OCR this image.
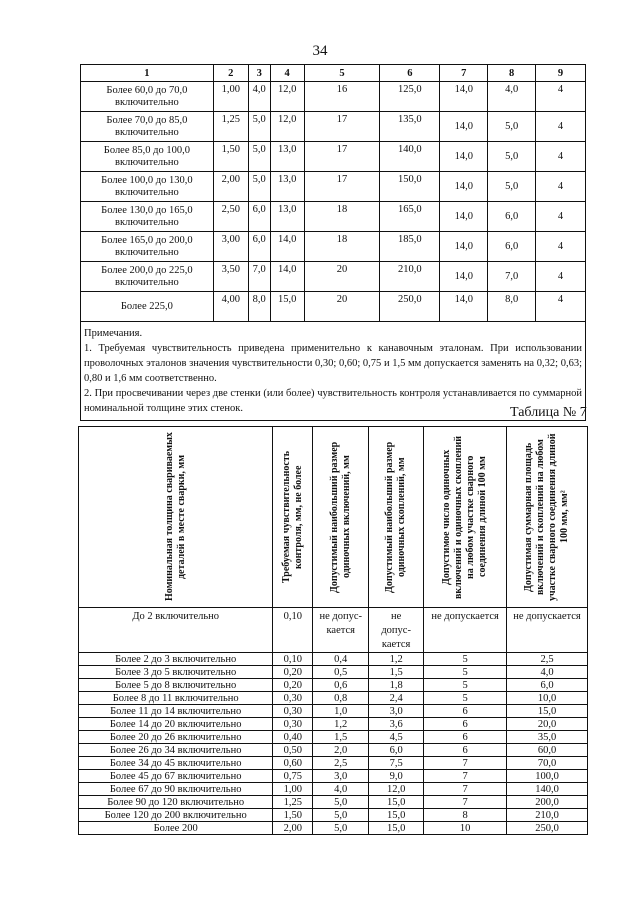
34
1	2	3	4	5	6	7	8	9
Более 60,0 до 70,0 включительно	1,00	4,0	12,0	16	125,0	14,0	4,0	4
Более 70,0 до 85,0 включительно	1,25	5,0	12,0	17	135,0	14,0	5,0	4
Более 85,0 до 100,0 включительно	1,50	5,0	13,0	17	140,0	14,0	5,0	4
Более 100,0 до 130,0 включительно	2,00	5,0	13,0	17	150,0	14,0	5,0	4
Более 130,0 до 165,0 включительно	2,50	6,0	13,0	18	165,0	14,0	6,0	4
Более 165,0 до 200,0 включительно	3,00	6,0	14,0	18	185,0	14,0	6,0	4
Более 200,0 до 225,0 включительно	3,50	7,0	14,0	20	210,0	14,0	7,0	4
Более 225,0	4,00	8,0	15,0	20	250,0	14,0	8,0	4

Примечания.
1. Требуемая чувствительность приведена применительно к канавочным эталонам. При использовании проволочных эталонов значения чувствительности 0,30; 0,60; 0,75 и 1,5 мм допускается заменять на 0,32; 0,63; 0,80 и 1,6 мм соответственно.
2. При просвечивании через две стенки (или более) чувствительность контроля устанавливается по суммарной номинальной толщине этих стенок.									Таблица № 7
Номинальная толщина свариваемых деталей в месте сварки, мм	Требуемая чувствительность контроля, мм, не более	Допустимый наибольший размер одиночных включений, мм	Допустимый наибольший размер одиночных скоплений, мм	Допустимое число одиночных включений и одиночных скоплений на любом участке сварного соединения длиной 100 мм	Допустимая суммарная площадь включений и скоплений на любом участке сварного соединения длиной 100 мм, мм²

До 2 включительно	0,10	не допус-кается	не допус-кается	не допускается	не допускается
Более 2 до 3 включительно	0,10	0,4	1,2	5	2,5
Более 3 до 5 включительно	0,20	0,5	1,5	5	4,0
Более 5 до 8 включительно	0,20	0,6	1,8	5	6,0
Более 8 до 11 включительно	0,30	0,8	2,4	5	10,0
Более 11 до 14 включительно	0,30	1,0	3,0	6	15,0
Более 14 до 20 включительно	0,30	1,2	3,6	6	20,0
Более 20 до 26 включительно	0,40	1,5	4,5	6	35,0
Более 26 до 34 включительно	0,50	2,0	6,0	6	60,0
Более 34 до 45 включительно	0,60	2,5	7,5	7	70,0
Более 45 до 67 включительно	0,75	3,0	9,0	7	100,0
Более 67 до 90 включительно	1,00	4,0	12,0	7	140,0
Более 90 до 120 включительно	1,25	5,0	15,0	7	200,0
Более 120 до 200 включительно	1,50	5,0	15,0	8	210,0
Более 200	2,00	5,0	15,0	10	250,0
